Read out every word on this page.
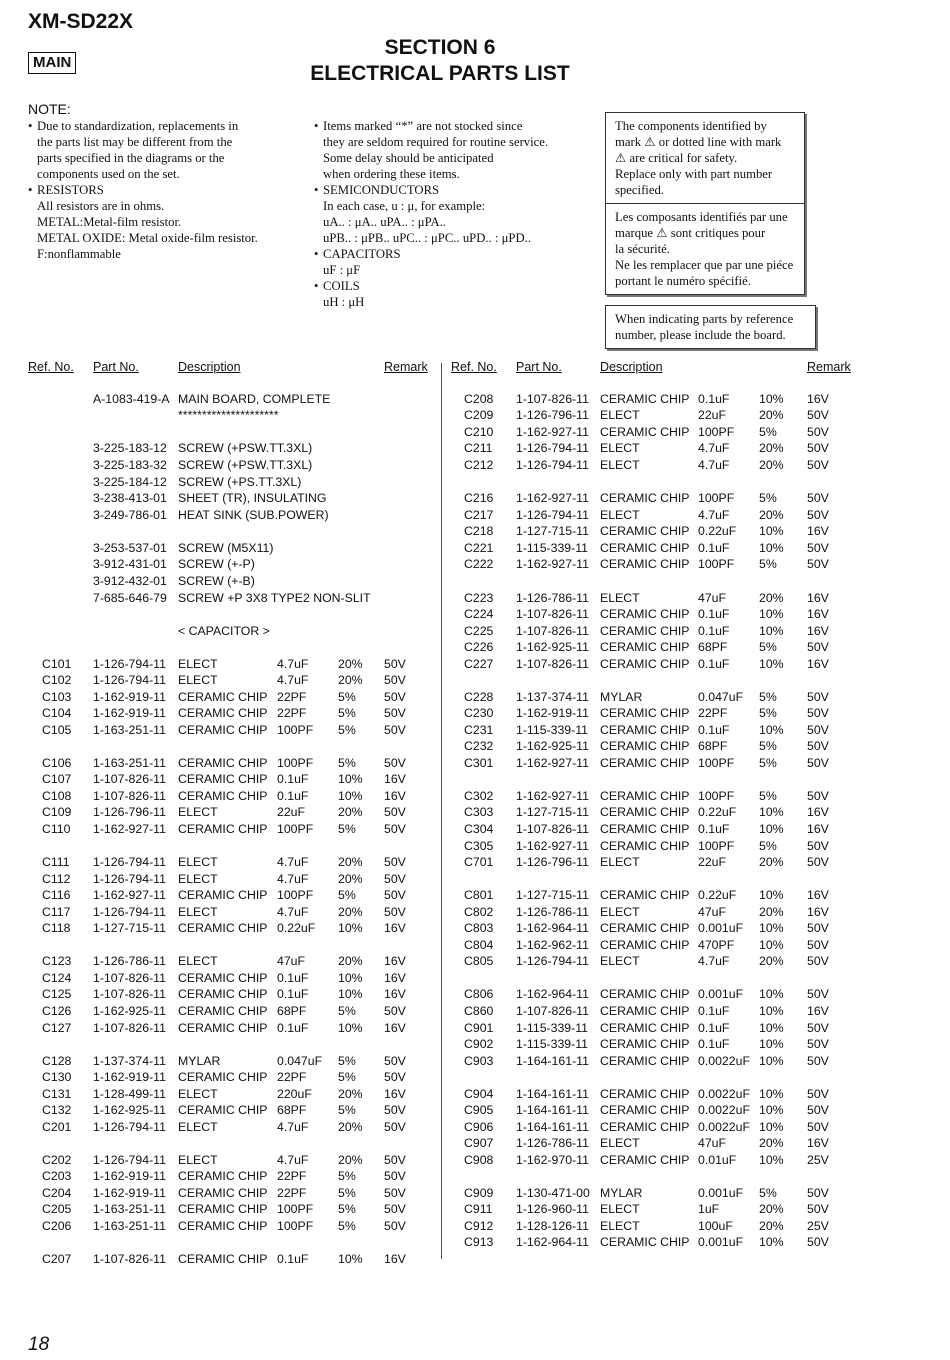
XM-SD22X
MAIN
SECTION 6
ELECTRICAL PARTS LIST
NOTE:
• Due to standardization, replacements in
the parts list may be different from the
parts specified in the diagrams or the
components used on the set.
• RESISTORS
All resistors are in ohms.
METAL:Metal-film resistor.
METAL OXIDE: Metal oxide-film resistor.
F:nonflammable
• Items marked “*” are not stocked since
they are seldom required for routine service.
Some delay should be anticipated
when ordering these items.
• SEMICONDUCTORS
In each case, u : μ, for example:
uA.. : μA.. uPA.. : μPA..
uPB.. : μPB.. uPC.. : μPC.. uPD.. : μPD..
• CAPACITORS
uF : μF
• COILS
uH : μH
The components identified by
mark ⚠ or dotted line with mark
⚠ are critical for safety.
Replace only with part number
specified.
Les composants identifiés par une
marque ⚠ sont critiques pour
la sécurité.
Ne les remplacer que par une piéce
portant le numéro spécifié.
When indicating parts by reference
number, please include the board.
Ref. No. Part No.	Description	Remark Ref. No. Part No.	Description	Remark
A-1083-419-A MAIN BOARD, COMPLETE
*********************
3-225-183-12 SCREW (+PSW.TT.3XL)
3-225-183-32 SCREW (+PSW.TT.3XL)
3-225-184-12 SCREW (+PS.TT.3XL)
3-238-413-01 SHEET (TR), INSULATING
3-249-786-01 HEAT SINK (SUB.POWER)
3-253-537-01 SCREW (M5X11)
3-912-431-01 SCREW (+-P)
3-912-432-01 SCREW (+-B)
7-685-646-79 SCREW +P 3X8 TYPE2 NON-SLIT
< CAPACITOR >
C101 1-126-794-11 ELECT	4.7uF 20% 50V
C102 1-126-794-11 ELECT	4.7uF 20% 50V
C103 1-162-919-11 CERAMIC CHIP 22PF	5% 50V
C104 1-162-919-11 CERAMIC CHIP 22PF	5% 50V
C105 1-163-251-11 CERAMIC CHIP 100PF 5% 50V
C106 1-163-251-11 CERAMIC CHIP 100PF 5% 50V
C107 1-107-826-11 CERAMIC CHIP 0.1uF 10% 16V
C108 1-107-826-11 CERAMIC CHIP 0.1uF 10% 16V
C109 1-126-796-11 ELECT	22uF	20% 50V
C110 1-162-927-11 CERAMIC CHIP 100PF 5% 50V
C111 1-126-794-11 ELECT	4.7uF 20% 50V
C112 1-126-794-11 ELECT	4.7uF 20% 50V
C116 1-162-927-11 CERAMIC CHIP 100PF 5% 50V
C117 1-126-794-11 ELECT	4.7uF 20% 50V
C118 1-127-715-11 CERAMIC CHIP 0.22uF 10% 16V
C123 1-126-786-11 ELECT	47uF	20% 16V
C124 1-107-826-11 CERAMIC CHIP 0.1uF 10% 16V
C125 1-107-826-11 CERAMIC CHIP 0.1uF 10% 16V
C126 1-162-925-11 CERAMIC CHIP 68PF	5% 50V
C127 1-107-826-11 CERAMIC CHIP 0.1uF 10% 16V
C128 1-137-374-11 MYLAR	0.047uF 5% 50V
C130 1-162-919-11 CERAMIC CHIP 22PF	5% 50V
C131 1-128-499-11 ELECT	220uF 20% 16V
C132 1-162-925-11 CERAMIC CHIP 68PF	5% 50V
C201 1-126-794-11 ELECT	4.7uF 20% 50V
C202 1-126-794-11 ELECT	4.7uF 20% 50V
C203 1-162-919-11 CERAMIC CHIP 22PF	5% 50V
C204 1-162-919-11 CERAMIC CHIP 22PF	5% 50V
C205 1-163-251-11 CERAMIC CHIP 100PF 5% 50V
C206 1-163-251-11 CERAMIC CHIP 100PF 5% 50V
C207 1-107-826-11 CERAMIC CHIP 0.1uF 10% 16V
C208 1-107-826-11 CERAMIC CHIP 0.1uF 10% 16V
C209 1-126-796-11 ELECT	22uF	20% 50V
C210 1-162-927-11 CERAMIC CHIP 100PF 5% 50V
C211 1-126-794-11 ELECT	4.7uF 20% 50V
C212 1-126-794-11 ELECT	4.7uF 20% 50V
C216 1-162-927-11 CERAMIC CHIP 100PF 5% 50V
C217 1-126-794-11 ELECT	4.7uF 20% 50V
C218 1-127-715-11 CERAMIC CHIP 0.22uF 10% 16V
C221 1-115-339-11 CERAMIC CHIP 0.1uF 10% 50V
C222 1-162-927-11 CERAMIC CHIP 100PF 5% 50V
C223 1-126-786-11 ELECT	47uF	20% 16V
C224 1-107-826-11 CERAMIC CHIP 0.1uF 10% 16V
C225 1-107-826-11 CERAMIC CHIP 0.1uF 10% 16V
C226 1-162-925-11 CERAMIC CHIP 68PF	5% 50V
C227 1-107-826-11 CERAMIC CHIP 0.1uF 10% 16V
C228 1-137-374-11 MYLAR	0.047uF 5% 50V
C230 1-162-919-11 CERAMIC CHIP 22PF	5% 50V
C231 1-115-339-11 CERAMIC CHIP 0.1uF 10% 50V
C232 1-162-925-11 CERAMIC CHIP 68PF	5% 50V
C301 1-162-927-11 CERAMIC CHIP 100PF 5% 50V
C302 1-162-927-11 CERAMIC CHIP 100PF 5% 50V
C303 1-127-715-11 CERAMIC CHIP 0.22uF 10% 16V
C304 1-107-826-11 CERAMIC CHIP 0.1uF 10% 16V
C305 1-162-927-11 CERAMIC CHIP 100PF 5% 50V
C701 1-126-796-11 ELECT	22uF	20% 50V
C801 1-127-715-11 CERAMIC CHIP 0.22uF 10% 16V
C802 1-126-786-11 ELECT	47uF	20% 16V
C803 1-162-964-11 CERAMIC CHIP 0.001uF 10% 50V
C804 1-162-962-11 CERAMIC CHIP 470PF 10% 50V
C805 1-126-794-11 ELECT	4.7uF 20% 50V
C806 1-162-964-11 CERAMIC CHIP 0.001uF 10% 50V
C860 1-107-826-11 CERAMIC CHIP 0.1uF 10% 16V
C901 1-115-339-11 CERAMIC CHIP 0.1uF 10% 50V
C902 1-115-339-11 CERAMIC CHIP 0.1uF 10% 50V
C903 1-164-161-11 CERAMIC CHIP 0.0022uF 10% 50V
C904 1-164-161-11 CERAMIC CHIP 0.0022uF 10% 50V
C905 1-164-161-11 CERAMIC CHIP 0.0022uF 10% 50V
C906 1-164-161-11 CERAMIC CHIP 0.0022uF 10% 50V
C907 1-126-786-11 ELECT	47uF	20% 16V
C908 1-162-970-11 CERAMIC CHIP 0.01uF 10% 25V
C909 1-130-471-00 MYLAR	0.001uF 5% 50V
C911 1-126-960-11 ELECT	1uF	20% 50V
C912 1-128-126-11 ELECT	100uF 20% 25V
C913 1-162-964-11 CERAMIC CHIP 0.001uF 10% 50V
18
